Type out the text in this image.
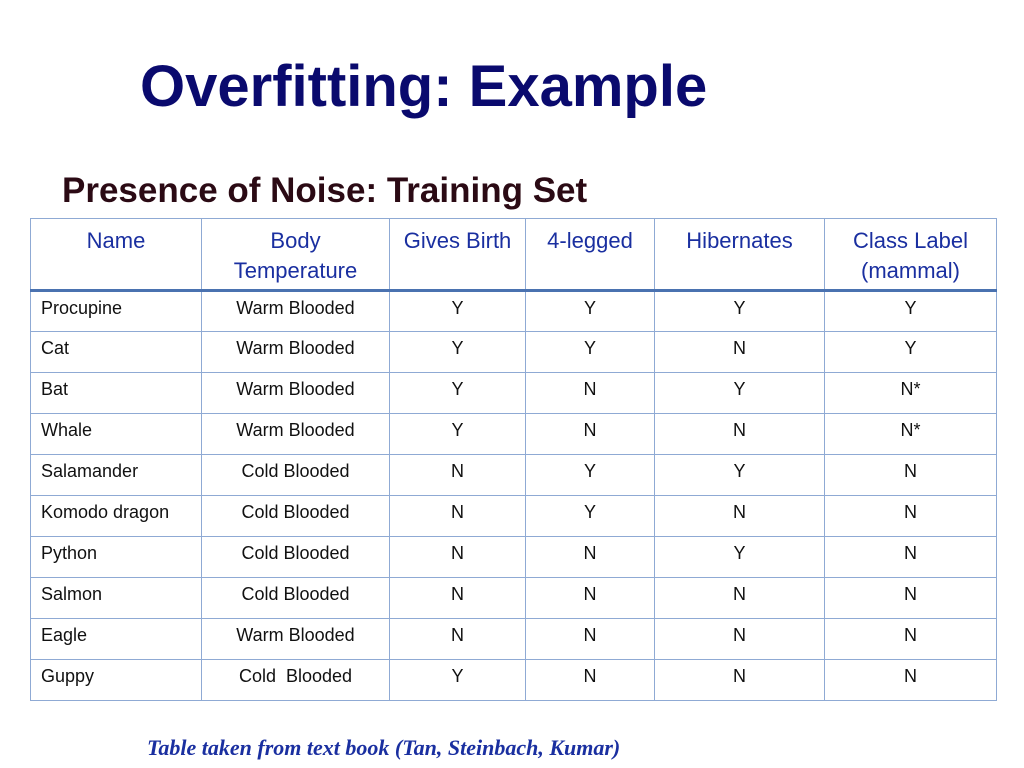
Overfitting: Example
Presence of Noise: Training Set
Name	Body Temperature	Gives Birth	4-legged	Hibernates	Class Label (mammal)
Procupine	Warm Blooded	Y	Y	Y	Y
Cat	Warm Blooded	Y	Y	N	Y
Bat	Warm Blooded	Y	N	Y	N*
Whale	Warm Blooded	Y	N	N	N*
Salamander	Cold Blooded	N	Y	Y	N
Komodo dragon	Cold Blooded	N	Y	N	N
Python	Cold Blooded	N	N	Y	N
Salmon	Cold Blooded	N	N	N	N
Eagle	Warm Blooded	N	N	N	N
Guppy	Cold  Blooded	Y	N	N	N

Table taken from text book (Tan, Steinbach, Kumar)
